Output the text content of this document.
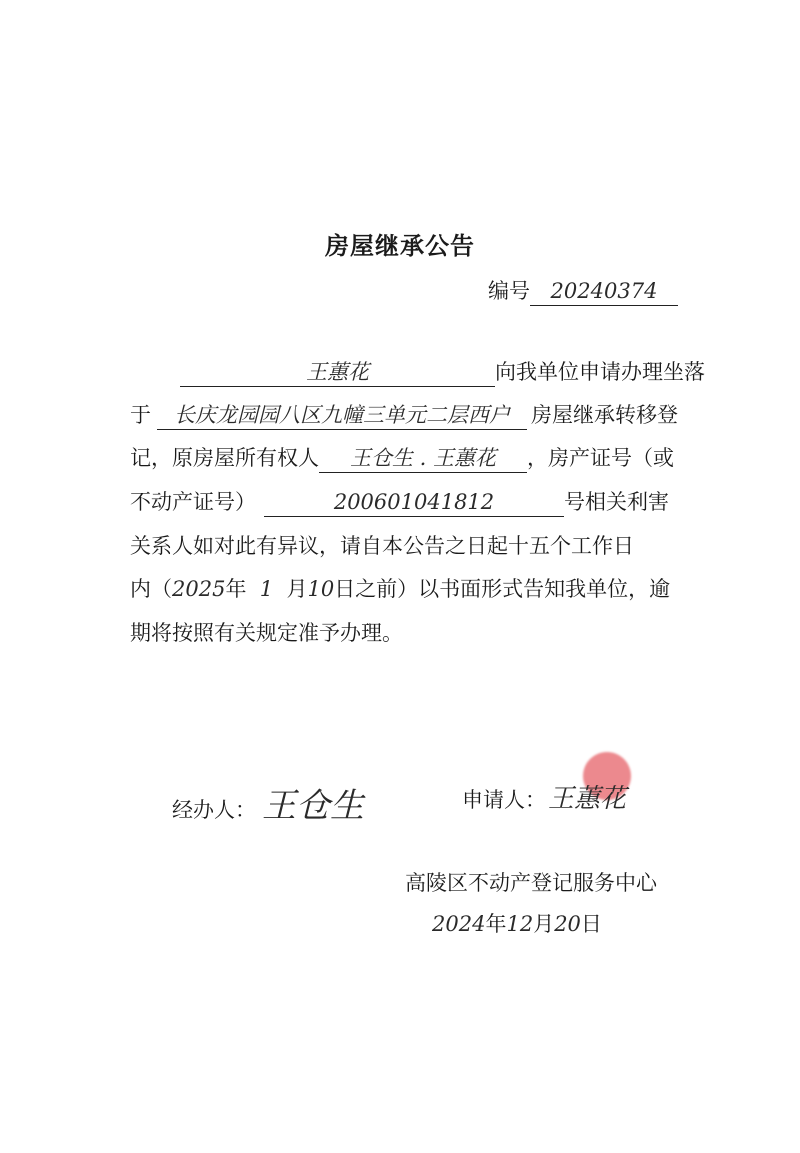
房屋继承公告
编号 20240374
王蕙花	向我单位申请办理坐落
于 长庆龙园园八区九幢三单元二层西户 房屋继承转移登
记，原房屋所有权人 王仓生 . 王蕙花 ，房产证号（或
不动产证号）	200601041812	号相关利害
关系人如对此有异议，请自本公告之日起十五个工作日
内（2025年 1 月10日之前）以书面形式告知我单位，逾
期将按照有关规定准予办理。
经办人： 王仓生	申请人：王蕙花
高陵区不动产登记服务中心
2024年12月20日
